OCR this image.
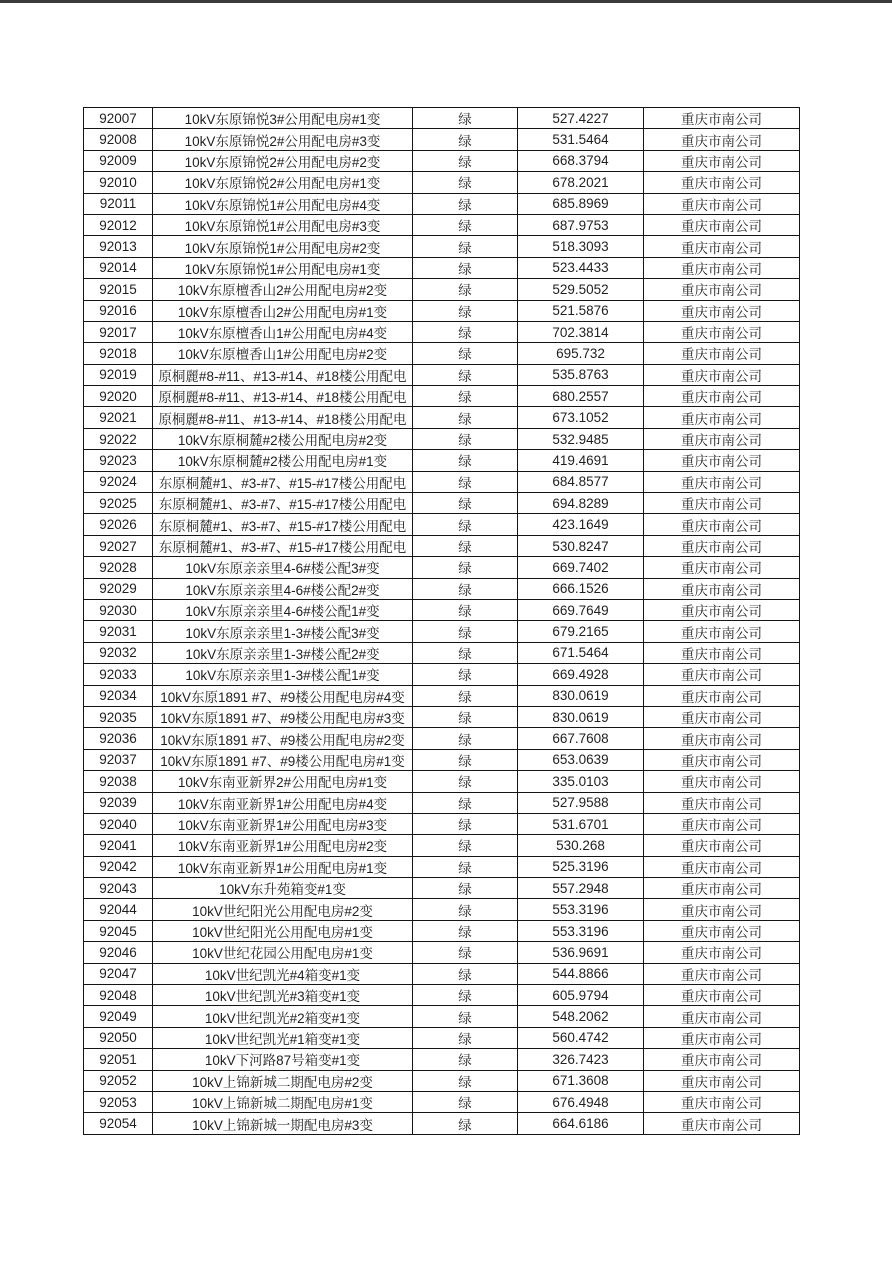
92007	10kV东原锦悦3#公用配电房#1变	绿	527.4227	重庆市南公司
92008	10kV东原锦悦2#公用配电房#3变	绿	531.5464	重庆市南公司
92009	10kV东原锦悦2#公用配电房#2变	绿	668.3794	重庆市南公司
92010	10kV东原锦悦2#公用配电房#1变	绿	678.2021	重庆市南公司
92011	10kV东原锦悦1#公用配电房#4变	绿	685.8969	重庆市南公司
92012	10kV东原锦悦1#公用配电房#3变	绿	687.9753	重庆市南公司
92013	10kV东原锦悦1#公用配电房#2变	绿	518.3093	重庆市南公司
92014	10kV东原锦悦1#公用配电房#1变	绿	523.4433	重庆市南公司
92015	10kV东原檀香山2#公用配电房#2变	绿	529.5052	重庆市南公司
92016	10kV东原檀香山2#公用配电房#1变	绿	521.5876	重庆市南公司
92017	10kV东原檀香山1#公用配电房#4变	绿	702.3814	重庆市南公司
92018	10kV东原檀香山1#公用配电房#2变	绿	695.732	重庆市南公司
92019	原桐麗#8-#11、#13-#14、#18楼公用配电	绿	535.8763	重庆市南公司
92020	原桐麗#8-#11、#13-#14、#18楼公用配电	绿	680.2557	重庆市南公司
92021	原桐麗#8-#11、#13-#14、#18楼公用配电	绿	673.1052	重庆市南公司
92022	10kV东原桐麓#2楼公用配电房#2变	绿	532.9485	重庆市南公司
92023	10kV东原桐麓#2楼公用配电房#1变	绿	419.4691	重庆市南公司
92024	东原桐麓#1、#3-#7、#15-#17楼公用配电	绿	684.8577	重庆市南公司
92025	东原桐麓#1、#3-#7、#15-#17楼公用配电	绿	694.8289	重庆市南公司
92026	东原桐麓#1、#3-#7、#15-#17楼公用配电	绿	423.1649	重庆市南公司
92027	东原桐麓#1、#3-#7、#15-#17楼公用配电	绿	530.8247	重庆市南公司
92028	10kV东原亲亲里4-6#楼公配3#变	绿	669.7402	重庆市南公司
92029	10kV东原亲亲里4-6#楼公配2#变	绿	666.1526	重庆市南公司
92030	10kV东原亲亲里4-6#楼公配1#变	绿	669.7649	重庆市南公司
92031	10kV东原亲亲里1-3#楼公配3#变	绿	679.2165	重庆市南公司
92032	10kV东原亲亲里1-3#楼公配2#变	绿	671.5464	重庆市南公司
92033	10kV东原亲亲里1-3#楼公配1#变	绿	669.4928	重庆市南公司
92034	10kV东原1891 #7、#9楼公用配电房#4变	绿	830.0619	重庆市南公司
92035	10kV东原1891 #7、#9楼公用配电房#3变	绿	830.0619	重庆市南公司
92036	10kV东原1891 #7、#9楼公用配电房#2变	绿	667.7608	重庆市南公司
92037	10kV东原1891 #7、#9楼公用配电房#1变	绿	653.0639	重庆市南公司
92038	10kV东南亚新界2#公用配电房#1变	绿	335.0103	重庆市南公司
92039	10kV东南亚新界1#公用配电房#4变	绿	527.9588	重庆市南公司
92040	10kV东南亚新界1#公用配电房#3变	绿	531.6701	重庆市南公司
92041	10kV东南亚新界1#公用配电房#2变	绿	530.268	重庆市南公司
92042	10kV东南亚新界1#公用配电房#1变	绿	525.3196	重庆市南公司
92043	10kV东升苑箱变#1变	绿	557.2948	重庆市南公司
92044	10kV世纪阳光公用配电房#2变	绿	553.3196	重庆市南公司
92045	10kV世纪阳光公用配电房#1变	绿	553.3196	重庆市南公司
92046	10kV世纪花园公用配电房#1变	绿	536.9691	重庆市南公司
92047	10kV世纪凯光#4箱变#1变	绿	544.8866	重庆市南公司
92048	10kV世纪凯光#3箱变#1变	绿	605.9794	重庆市南公司
92049	10kV世纪凯光#2箱变#1变	绿	548.2062	重庆市南公司
92050	10kV世纪凯光#1箱变#1变	绿	560.4742	重庆市南公司
92051	10kV下河路87号箱变#1变	绿	326.7423	重庆市南公司
92052	10kV上锦新城二期配电房#2变	绿	671.3608	重庆市南公司
92053	10kV上锦新城二期配电房#1变	绿	676.4948	重庆市南公司
92054	10kV上锦新城一期配电房#3变	绿	664.6186	重庆市南公司
